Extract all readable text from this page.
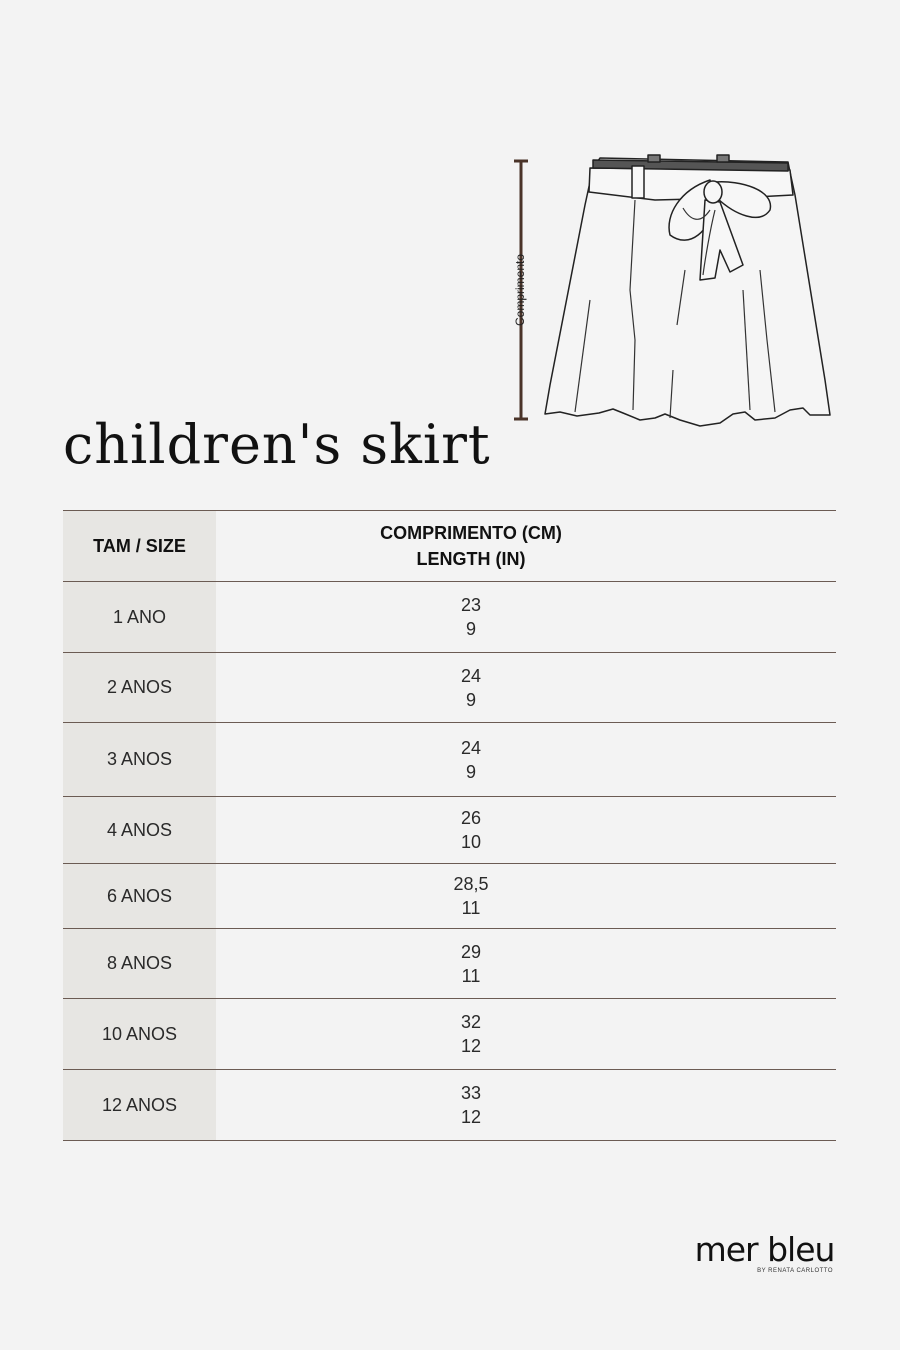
Comprimento
children's skirt
TAM / SIZE	COMPRIMENTO (CM)
LENGTH (IN)

1 ANO	23
9

2 ANOS	24
9

3 ANOS	24
9

4 ANOS	26
10

6 ANOS	28,5
11

8 ANOS	29
11

10 ANOS	32
12

12 ANOS	33
12
mer bleu
BY RENATA CARLOTTO
